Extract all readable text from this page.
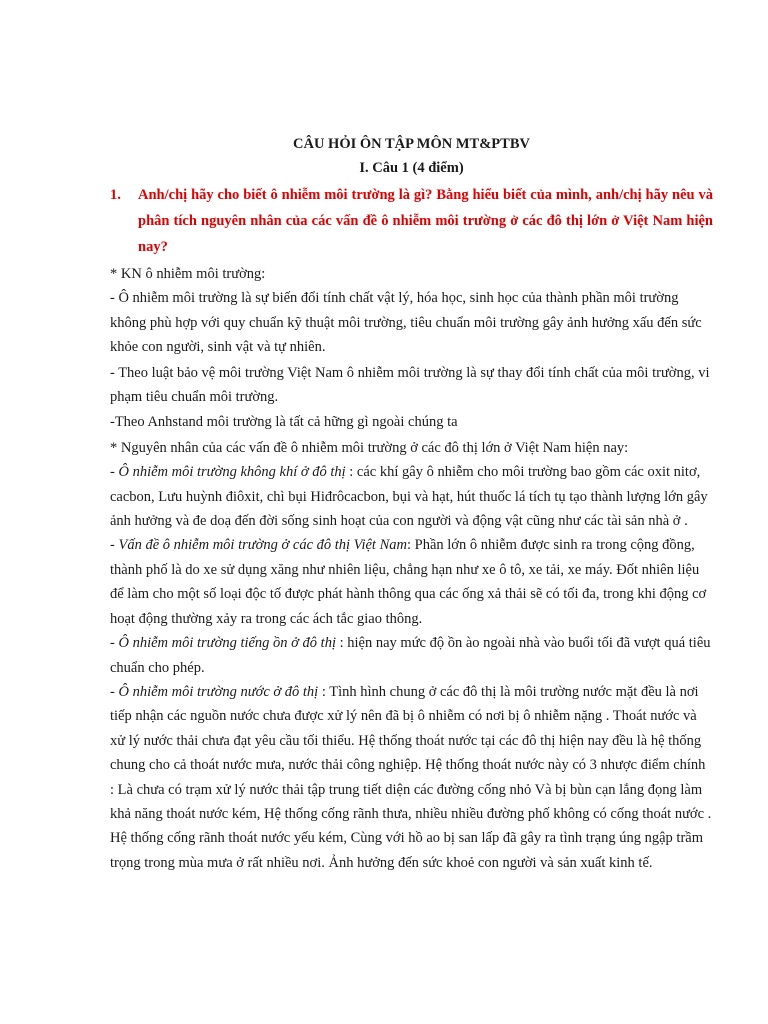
CÂU HỎI ÔN TẬP MÔN MT&PTBV
I. Câu 1 (4 điểm)
1.	Anh/chị hãy cho biết ô nhiễm môi trường là gì? Bằng hiểu biết của mình, anh/chị hãy nêu và phân tích nguyên nhân của các vấn đề ô nhiễm môi trường ở các đô thị lớn ở Việt Nam hiện nay?

* KN ô nhiễm môi trường:

- Ô nhiễm môi trường là sự biến đổi tính chất vật lý, hóa học, sinh học của thành phần môi trường không phù hợp với quy chuẩn kỹ thuật môi trường, tiêu chuẩn môi trường gây ảnh hưởng xấu đến sức khỏe con người, sinh vật và tự nhiên.

- Theo luật bảo vệ môi trường Việt Nam ô nhiễm môi trường là sự thay đổi tính chất của môi trường, vi phạm tiêu chuẩn môi trường.

-Theo Anhstand môi trường là tất cả hững gì ngoài chúng ta

* Nguyên nhân của các vấn đề ô nhiễm môi trường ở các đô thị lớn ở Việt Nam hiện nay:

- Ô nhiễm môi trường không khí ở đô thị : các khí gây ô nhiễm cho môi trường bao gồm các oxit nitơ, cacbon, Lưu huỳnh điôxit, chì bụi Hiđrôcacbon, bụi và hạt, hút thuốc lá tích tụ tạo thành lượng lớn gây ảnh hưởng và đe doạ đến đời sống sinh hoạt của con người và động vật cũng như các tài sản nhà ở .

- Vấn đề ô nhiễm môi trường ở các đô thị Việt Nam: Phần lớn ô nhiễm được sinh ra trong cộng đồng, thành phố là do xe sử dụng xăng như nhiên liệu, chẳng hạn như xe ô tô, xe tải, xe máy. Đốt nhiên liệu để làm cho một số loại độc tố được phát hành thông qua các ống xả thải sẽ có tối đa, trong khi động cơ hoạt động thường xảy ra trong các ách tắc giao thông.

- Ô nhiễm môi trường tiếng ồn ở đô thị : hiện nay mức độ ồn ào ngoài nhà vào buổi tối đã vượt quá tiêu chuẩn cho phép.

- Ô nhiễm môi trường nước ở đô thị : Tình hình chung ở các đô thị là môi trường nước mặt đều là nơi tiếp nhận các nguồn nước chưa được xử lý nên đã bị ô nhiễm có nơi bị ô nhiễm nặng . Thoát nước và xử lý nước thải chưa đạt yêu cầu tối thiểu. Hệ thống thoát nước tại các đô thị hiện nay đều là hệ thống chung cho cả thoát nước mưa, nước thải công nghiệp. Hệ thống thoát nước này có 3 nhược điểm chính : Là chưa có trạm xử lý nước thải tập trung tiết diện các đường cống nhỏ Và bị bùn cạn lắng đọng làm khả năng thoát nước kém, Hệ thống cống rãnh thưa, nhiều nhiều đường phố không có cống thoát nước . Hệ thống cống rãnh thoát nước yếu kém, Cùng với hồ ao bị san lấp đã gây ra tình trạng úng ngập trầm trọng trong mùa mưa ở rất nhiều nơi. Ảnh hưởng đến sức khoẻ con người và sản xuất kinh tế.
